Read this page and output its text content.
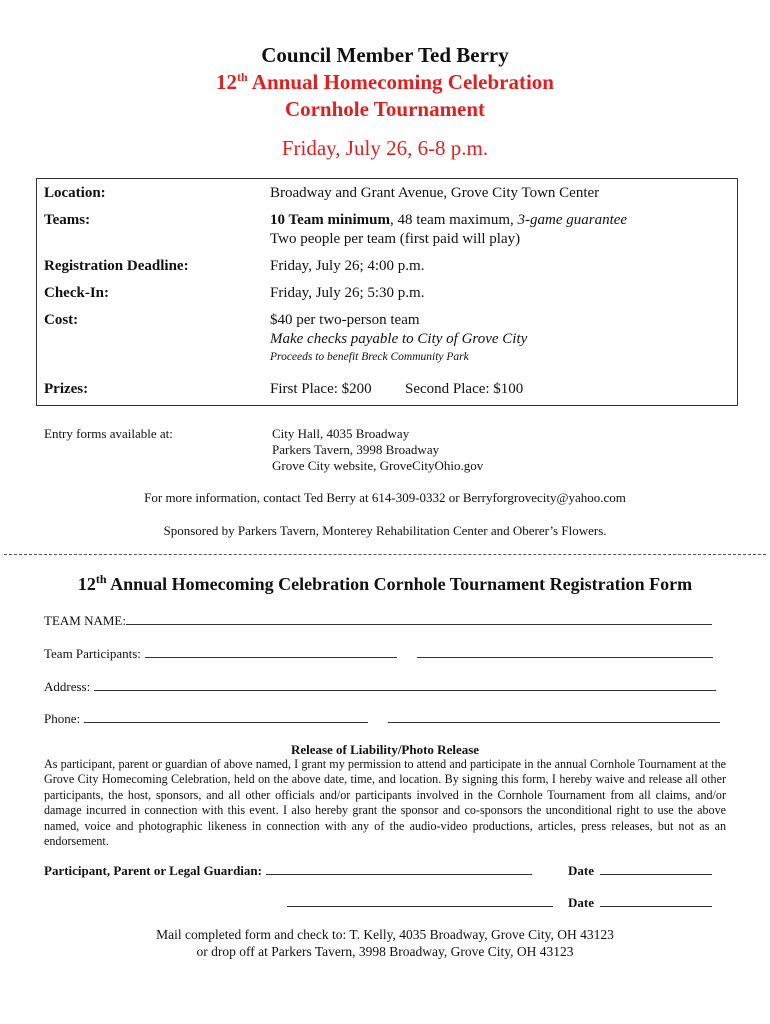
Council Member Ted Berry
12th Annual Homecoming Celebration
Cornhole Tournament
Friday, July 26, 6-8 p.m.
Location:	Broadway and Grant Avenue, Grove City Town Center
Teams:	10 Team minimum, 48 team maximum, 3-game guarantee
Two people per team (first paid will play)
Registration Deadline:	Friday, July 26; 4:00 p.m.
Check-In:	Friday, July 26; 5:30 p.m.
Cost:	$40 per two-person team
Make checks payable to City of Grove City
Proceeds to benefit Breck Community Park
Prizes:	First Place: $200 Second Place: $100
Entry forms available at:	City Hall, 4035 Broadway
Parkers Tavern, 3998 Broadway
Grove City website, GroveCityOhio.gov
For more information, contact Ted Berry at 614-309-0332 or Berryforgrovecity@yahoo.com
Sponsored by Parkers Tavern, Monterey Rehabilitation Center and Oberer’s Flowers.
12th Annual Homecoming Celebration Cornhole Tournament Registration Form
TEAM NAME:
Team Participants:
Address:
Phone:
Release of Liability/Photo Release
As participant, parent or guardian of above named, I grant my permission to attend and participate in the annual Cornhole Tournament at the Grove City Homecoming Celebration, held on the above date, time, and location. By signing this form, I hereby waive and release all other participants, the host, sponsors, and all other officials and/or participants involved in the Cornhole Tournament from all claims, and/or damage incurred in connection with this event. I also hereby grant the sponsor and co-sponsors the unconditional right to use the above named, voice and photographic likeness in connection with any of the audio-video productions, articles, press releases, but not as an endorsement.
Participant, Parent or Legal Guardian:	Date
Date
Mail completed form and check to: T. Kelly, 4035 Broadway, Grove City, OH 43123
or drop off at Parkers Tavern, 3998 Broadway, Grove City, OH 43123
